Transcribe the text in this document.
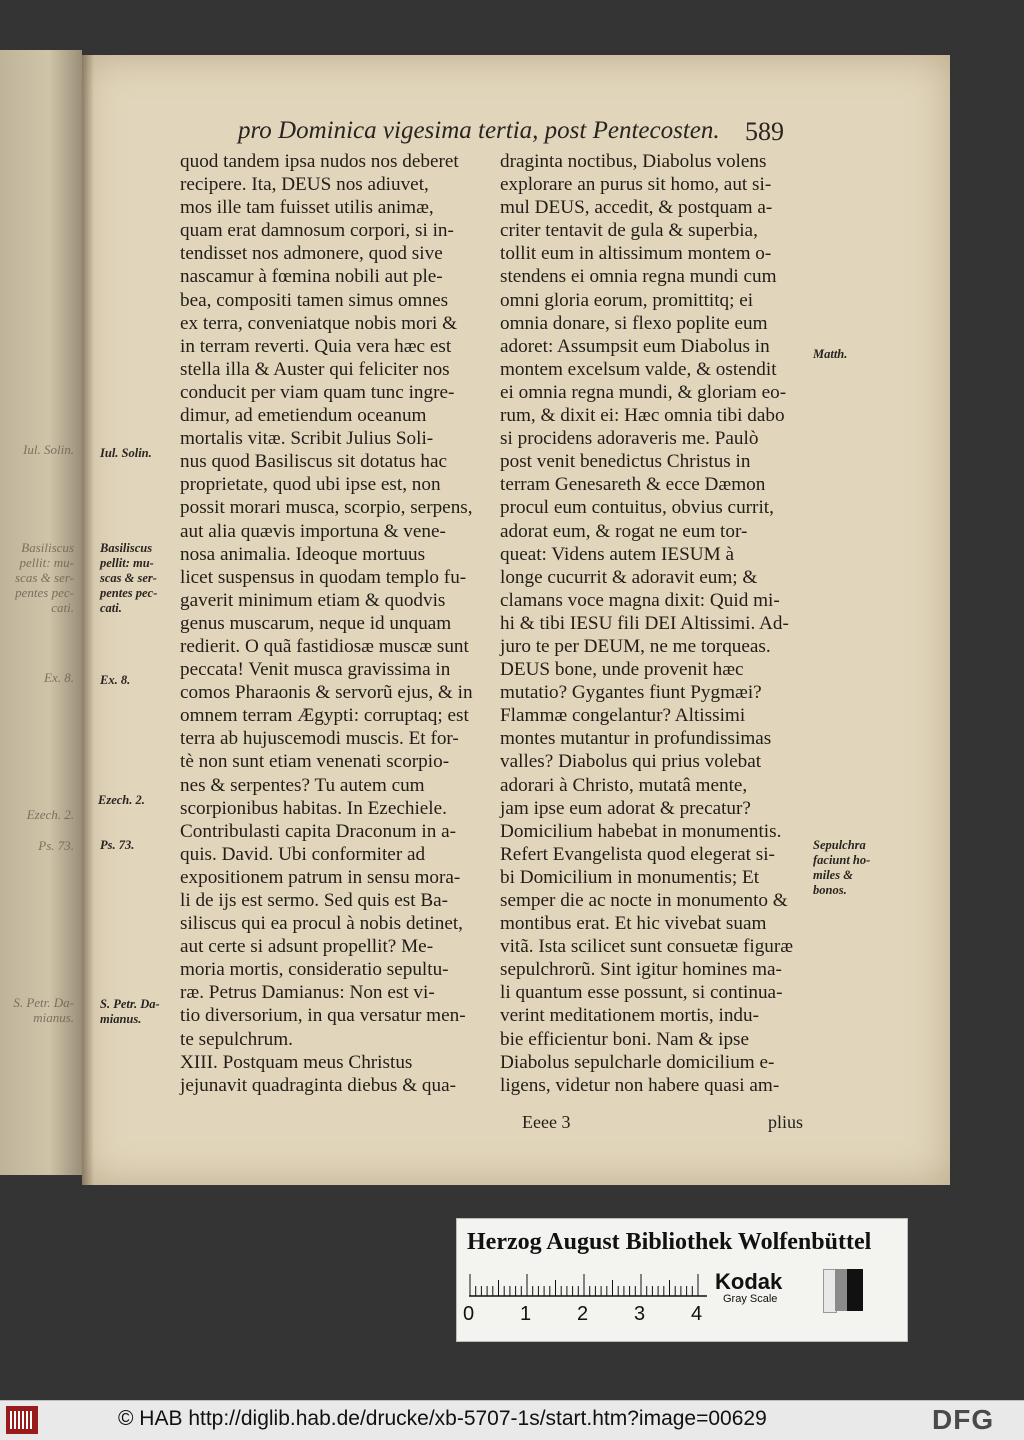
Iul. Solin.
Basiliscus
pellit: mu-
scas & ser-
pentes pec-
cati.
Ex. 8.
Ezech. 2.
Ps. 73.
S. Petr. Da-
mianus.
pro Dominica vigesima tertia, post Pentecosten. 589
quod tandem ipsa nudos nos deberet
recipere. Ita, DEUS nos adiuvet,
mos ille tam fuisset utilis animæ,
quam erat damnosum corpori, si in-
tendisset nos admonere, quod sive
nascamur à fœmina nobili aut ple-
bea, compositi tamen simus omnes
ex terra, conveniatque nobis mori &
in terram reverti. Quia vera hæc est
stella illa & Auster qui feliciter nos
conducit per viam quam tunc ingre-
dimur, ad emetiendum oceanum
mortalis vitæ. Scribit Julius Soli-
nus quod Basiliscus sit dotatus hac
proprietate, quod ubi ipse est, non
possit morari musca, scorpio, serpens,
aut alia quævis importuna & vene-
nosa animalia. Ideoque mortuus
licet suspensus in quodam templo fu-
gaverit minimum etiam & quodvis
genus muscarum, neque id unquam
redierit. O quã fastidiosæ muscæ sunt
peccata! Venit musca gravissima in
comos Pharaonis & servorũ ejus, & in
omnem terram Ægypti: corruptaq; est
terra ab hujuscemodi muscis. Et for-
tè non sunt etiam venenati scorpio-
nes & serpentes? Tu autem cum
scorpionibus habitas. In Ezechiele.
Contribulasti capita Draconum in a-
quis. David. Ubi conformiter ad
expositionem patrum in sensu mora-
li de ijs est sermo. Sed quis est Ba-
siliscus qui ea procul à nobis detinet,
aut certe si adsunt propellit? Me-
moria mortis, consideratio sepultu-
ræ. Petrus Damianus: Non est vi-
tio diversorium, in qua versatur men-
te sepulchrum.
XIII. Postquam meus Christus
jejunavit quadraginta diebus & qua-
draginta noctibus, Diabolus volens
explorare an purus sit homo, aut si-
mul DEUS, accedit, & postquam a-
criter tentavit de gula & superbia,
tollit eum in altissimum montem o-
stendens ei omnia regna mundi cum
omni gloria eorum, promittitq; ei
omnia donare, si flexo poplite eum
adoret: Assumpsit eum Diabolus in
montem excelsum valde, & ostendit
ei omnia regna mundi, & gloriam eo-
rum, & dixit ei: Hæc omnia tibi dabo
si procidens adoraveris me. Paulò
post venit benedictus Christus in
terram Genesareth & ecce Dæmon
procul eum contuitus, obvius currit,
adorat eum, & rogat ne eum tor-
queat: Videns autem IESUM à
longe cucurrit & adoravit eum; &
clamans voce magna dixit: Quid mi-
hi & tibi IESU fili DEI Altissimi. Ad-
juro te per DEUM, ne me torqueas.
DEUS bone, unde provenit hæc
mutatio? Gygantes fiunt Pygmæi?
Flammæ congelantur? Altissimi
montes mutantur in profundissimas
valles? Diabolus qui prius volebat
adorari à Christo, mutatâ mente,
jam ipse eum adorat & precatur?
Domicilium habebat in monumentis.
Refert Evangelista quod elegerat si-
bi Domicilium in monumentis; Et
semper die ac nocte in monumento &
montibus erat. Et hic vivebat suam
vitã. Ista scilicet sunt consuetæ figuræ
sepulchrorũ. Sint igitur homines ma-
li quantum esse possunt, si continua-
verint meditationem mortis, indu-
bie efficientur boni. Nam & ipse
Diabolus sepulcharle domicilium e-
ligens, videtur non habere quasi am-
Iul. Solin.
Basiliscus
pellit: mu-
scas & ser-
pentes pec-
cati.
Ex. 8.
Ezech. 2.
Ps. 73.
S. Petr. Da-
mianus.
Matth.
Sepulchra
faciunt ho-
miles &
bonos.
Eeee 3	plius
Herzog August Bibliothek Wolfenbüttel
0 1 2 3 4
Kodak
Gray Scale
© HAB http://diglib.hab.de/drucke/xb-5707-1s/start.htm?image=00629	DFG
